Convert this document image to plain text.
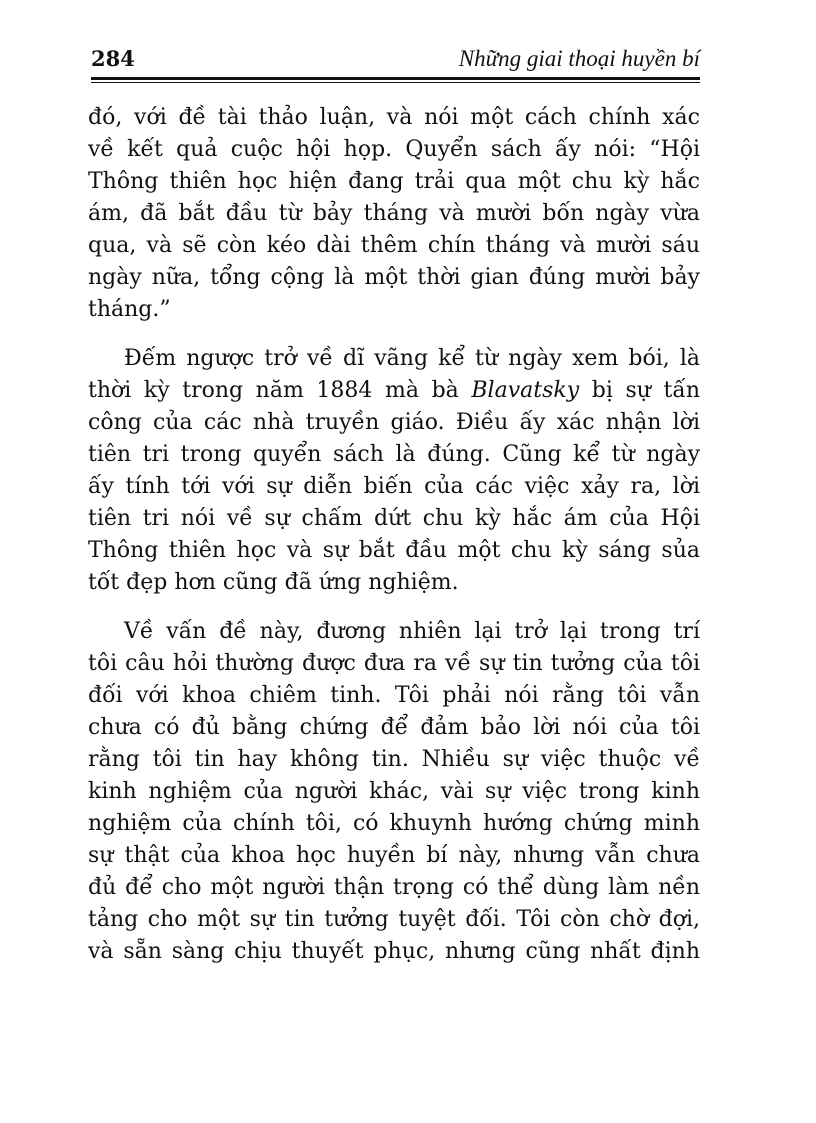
284	Những giai thoại huyền bí
đó, với đề tài thảo luận, và nói một cách chính xác
về kết quả cuộc hội họp. Quyển sách ấy nói: “Hội
Thông thiên học hiện đang trải qua một chu kỳ hắc
ám, đã bắt đầu từ bảy tháng và mười bốn ngày vừa
qua, và sẽ còn kéo dài thêm chín tháng và mười sáu
ngày nữa, tổng cộng là một thời gian đúng mười bảy
tháng.”
Đếm ngược trở về dĩ vãng kể từ ngày xem bói, là
thời kỳ trong năm 1884 mà bà Blavatsky bị sự tấn
công của các nhà truyền giáo. Điều ấy xác nhận lời
tiên tri trong quyển sách là đúng. Cũng kể từ ngày
ấy tính tới với sự diễn biến của các việc xảy ra, lời
tiên tri nói về sự chấm dứt chu kỳ hắc ám của Hội
Thông thiên học và sự bắt đầu một chu kỳ sáng sủa
tốt đẹp hơn cũng đã ứng nghiệm.
Về vấn đề này, đương nhiên lại trở lại trong trí
tôi câu hỏi thường được đưa ra về sự tin tưởng của tôi
đối với khoa chiêm tinh. Tôi phải nói rằng tôi vẫn
chưa có đủ bằng chứng để đảm bảo lời nói của tôi
rằng tôi tin hay không tin. Nhiều sự việc thuộc về
kinh nghiệm của người khác, vài sự việc trong kinh
nghiệm của chính tôi, có khuynh hướng chứng minh
sự thật của khoa học huyền bí này, nhưng vẫn chưa
đủ để cho một người thận trọng có thể dùng làm nền
tảng cho một sự tin tưởng tuyệt đối. Tôi còn chờ đợi,
và sẵn sàng chịu thuyết phục, nhưng cũng nhất định
